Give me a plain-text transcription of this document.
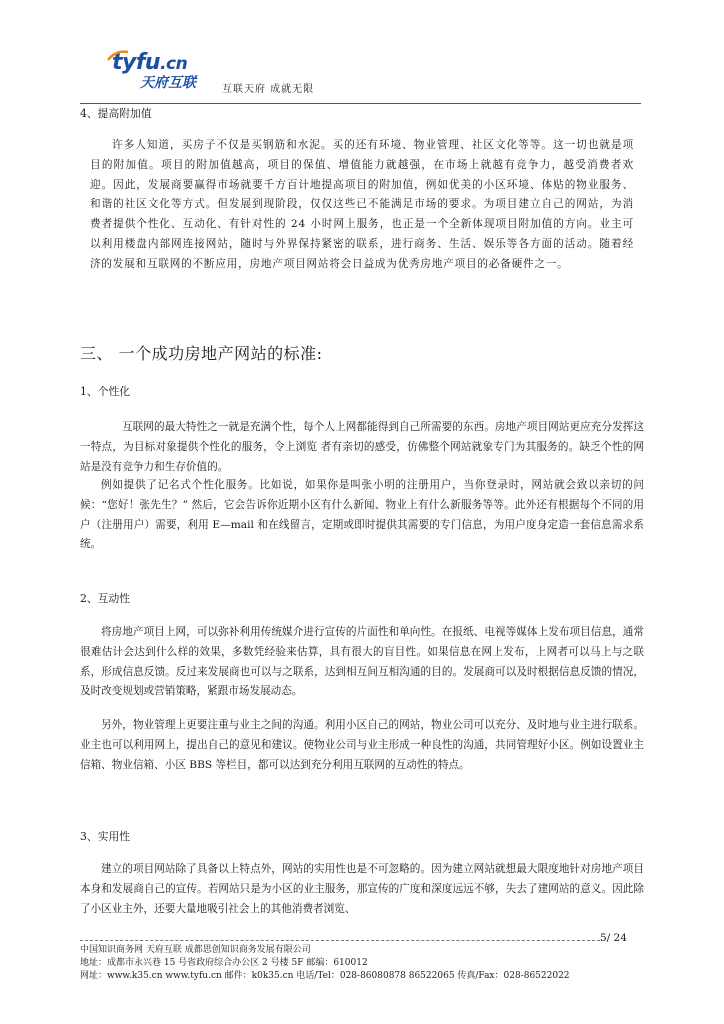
tyfu.cn
天府互联	互联天府 成就无限
4、提高附加值
许多人知道，买房子不仅是买钢筋和水泥。买的还有环境、物业管理、社区文化等等。这一切也就是项目的附加值。项目的附加值越高，项目的保值、增值能力就越强，在市场上就越有竞争力，越受消费者欢迎。因此，发展商要赢得市场就要千方百计地提高项目的附加值，例如优美的小区环境、体贴的物业服务、和谐的社区文化等方式。但发展到现阶段，仅仅这些已不能满足市场的要求。为项目建立自己的网站，为消费者提供个性化、互动化、有针对性的 24 小时网上服务，也正是一个全新体现项目附加值的方向。业主可以利用楼盘内部网连接网站，随时与外界保持紧密的联系，进行商务、生活、娱乐等各方面的活动。随着经济的发展和互联网的不断应用，房地产项目网站将会日益成为优秀房地产项目的必备硬件之一。
三、 一个成功房地产网站的标准:
1、个性化
互联网的最大特性之一就是充满个性，每个人上网都能得到自己所需要的东西。房地产项目网站更应充分发挥这一特点，为目标对象提供个性化的服务，令上浏览 者有亲切的感受，仿佛整个网站就象专门为其服务的。缺乏个性的网站是没有竞争力和生存价值的。
例如提供了记名式个性化服务。比如说，如果你是叫张小明的注册用户，当你登录时，网站就会致以亲切的问候：“您好！张先生？” 然后，它会告诉你近期小区有什么新闻、物业上有什么新服务等等。此外还有根据每个不同的用户（注册用户）需要，利用 E—mail 和在线留言，定期或即时提供其需要的专门信息，为用户度身定造一套信息需求系统。
2、互动性
将房地产项目上网，可以弥补利用传统媒介进行宣传的片面性和单向性。在报纸、电视等媒体上发布项目信息，通常很难估计会达到什么样的效果，多数凭经验来估算，具有很大的盲目性。如果信息在网上发布，上网者可以马上与之联系，形成信息反馈。反过来发展商也可以与之联系，达到相互间互相沟通的目的。发展商可以及时根据信息反馈的情况，及时改变规划或营销策略，紧跟市场发展动态。
另外，物业管理上更要注重与业主之间的沟通。利用小区自己的网站，物业公司可以充分、及时地与业主进行联系。业主也可以利用网上，提出自己的意见和建议。使物业公司与业主形成一种良性的沟通，共同管理好小区。例如设置业主信箱、物业信箱、小区 BBS 等栏目，都可以达到充分利用互联网的互动性的特点。
3、实用性
建立的项目网站除了具备以上特点外，网站的实用性也是不可忽略的。因为建立网站就想最大限度地针对房地产项目本身和发展商自己的宣传。若网站只是为小区的业主服务，那宣传的广度和深度远远不够，失去了建网站的意义。因此除了小区业主外，还要大量地吸引社会上的其他消费者浏览、
5/ 24
中国知识商务网 天府互联 成都思创知识商务发展有限公司
地址：成都市永兴巷 15 号省政府综合办公区 2 号楼 5F 邮编：610012
网址：www.k35.cn www.tyfu.cn 邮件：k0k35.cn 电话/Tel：028-86080878 86522065 传真/Fax：028-86522022
